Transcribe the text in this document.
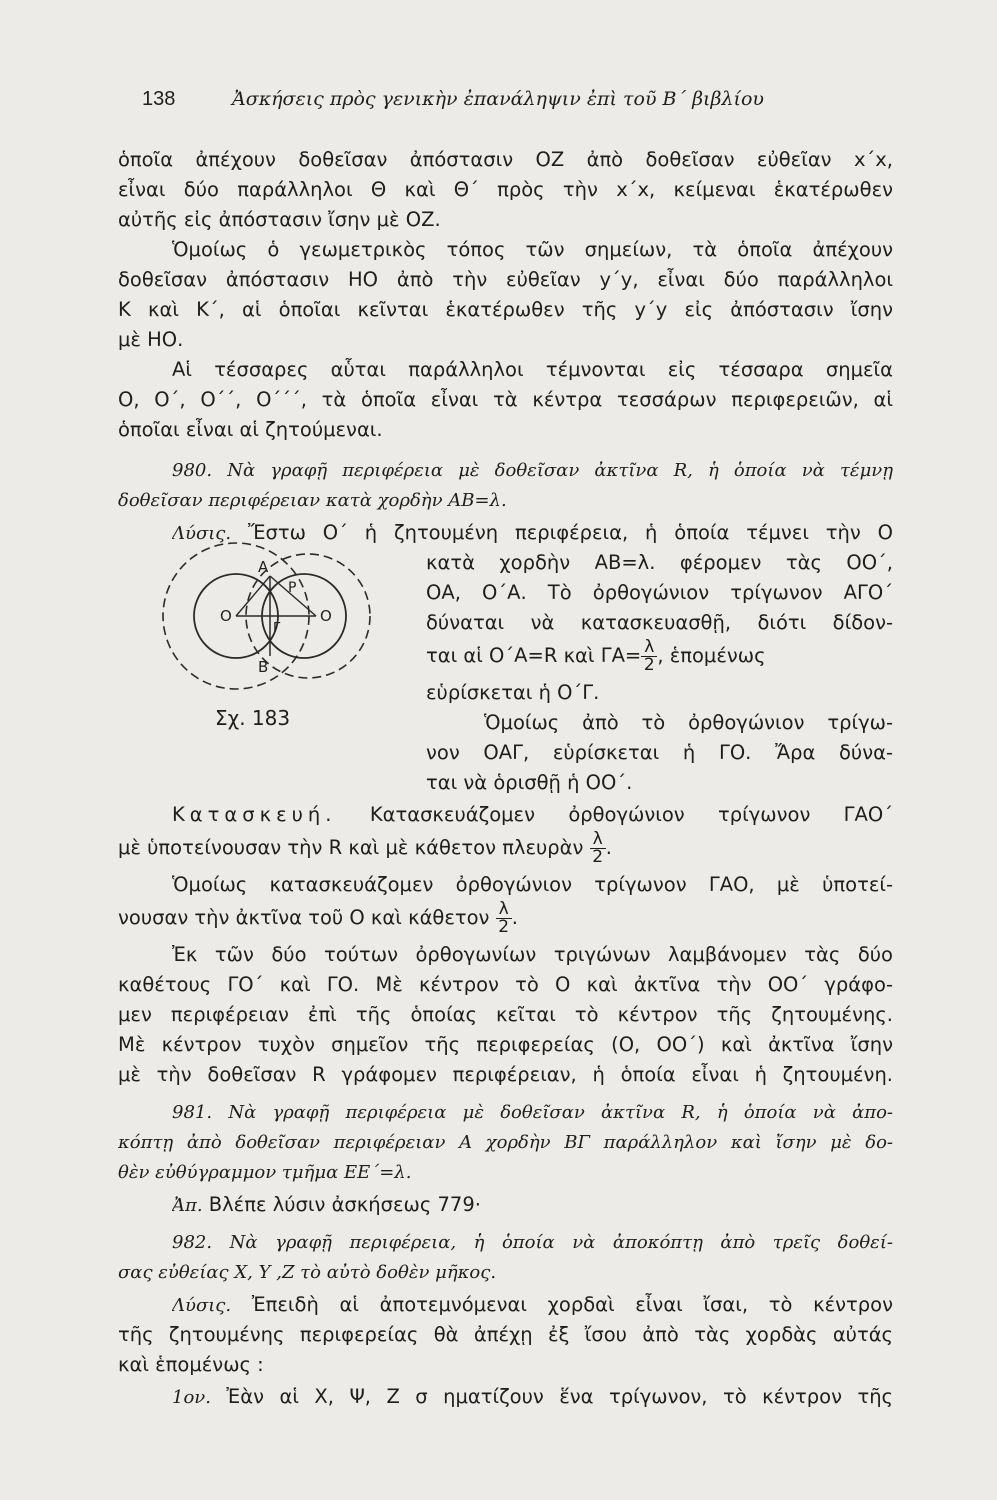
138	Ἀσκήσεις πρὸς γενικὴν ἐπανάληψιν ἐπὶ τοῦ Β΄ βιβλίου
ὁποῖα ἀπέχουν δοθεῖσαν ἀπόστασιν ΟΖ ἀπὸ δοθεῖσαν εὐθεῖαν x΄x,
εἶναι δύο παράλληλοι Θ καὶ Θ΄ πρὸς τὴν x΄x, κείμεναι ἑκατέρωθεν
αὐτῆς εἰς ἀπόστασιν ἴσην μὲ ΟΖ.
Ὁμοίως ὁ γεωμετρικὸς τόπος τῶν σημείων, τὰ ὁποῖα ἀπέχουν
δοθεῖσαν ἀπόστασιν ΗΟ ἀπὸ τὴν εὐθεῖαν y΄y, εἶναι δύο παράλληλοι
Κ καὶ Κ΄, αἱ ὁποῖαι κεῖνται ἑκατέρωθεν τῆς y΄y εἰς ἀπόστασιν ἴσην
μὲ ΗΟ.
Αἱ τέσσαρες αὗται παράλληλοι τέμνονται εἰς τέσσαρα σημεῖα
Ο, Ο΄, Ο΄΄, Ο΄΄΄, τὰ ὁποῖα εἶναι τὰ κέντρα τεσσάρων περιφερειῶν, αἱ
ὁποῖαι εἶναι αἱ ζητούμεναι.
980. Νὰ γραφῇ περιφέρεια μὲ δοθεῖσαν ἀκτῖνα R, ἡ ὁποία νὰ τέμνῃ
δοθεῖσαν περιφέρειαν κατὰ χορδὴν ΑΒ=λ.
Λύσις. Ἔστω Ο΄ ἡ ζητουμένη περιφέρεια, ἡ ὁποία τέμνει τὴν Ο
Α
Β
Ρ
Ο	Ο
Γ
κατὰ χορδὴν ΑΒ=λ. φέρομεν τὰς ΟΟ΄,
ΟΑ, Ο΄Α. Τὸ ὀρθογώνιον τρίγωνον ΑΓΟ΄
δύναται νὰ κατασκευασθῇ, διότι δίδον-
ται αἱ Ο΄Α=R καὶ $\Gamma A= \frac{\lambda}{2}$ , ἑπομένως
εὑρίσκεται ἡ Ο΄Γ.
Ὁμοίως ἀπὸ τὸ ὀρθογώνιον τρίγω-
νον ΟΑΓ, εὑρίσκεται ἡ ΓΟ. Ἄρα δύνα-
ται νὰ ὁρισθῇ ἡ ΟΟ΄.
Σχ. 183
Κατασκευή. Κατασκευάζομεν ὀρθογώνιον τρίγωνον ΓΑΟ΄
μὲ ὑποτείνουσαν τὴν R καὶ μὲ κάθετον πλευρὰν $\frac{\lambda}{2}$ .
Ὁμοίως κατασκευάζομεν ὀρθογώνιον τρίγωνον ΓΑΟ, μὲ ὑποτεί-
νουσαν τὴν ἀκτῖνα τοῦ Ο καὶ κάθετον $\frac{\lambda}{2}$ .
Ἐκ τῶν δύο τούτων ὀρθογωνίων τριγώνων λαμβάνομεν τὰς δύο
καθέτους ΓΟ΄ καὶ ΓΟ. Μὲ κέντρον τὸ Ο καὶ ἀκτῖνα τὴν ΟΟ΄ γράφο-
μεν περιφέρειαν ἐπὶ τῆς ὁποίας κεῖται τὸ κέντρον τῆς ζητουμένης.
Μὲ κέντρον τυχὸν σημεῖον τῆς περιφερείας (Ο, ΟΟ΄) καὶ ἀκτῖνα ἴσην
μὲ τὴν δοθεῖσαν R γράφομεν περιφέρειαν, ἡ ὁποία εἶναι ἡ ζητουμένη.
981. Νὰ γραφῇ περιφέρεια μὲ δοθεῖσαν ἀκτῖνα R, ἡ ὁποία νὰ ἀπο-
κόπτῃ ἀπὸ δοθεῖσαν περιφέρειαν Α χορδὴν ΒΓ παράλληλον καὶ ἴσην μὲ δο-
θὲν εὐθύγραμμον τμῆμα ΕΕ΄=λ.
Ἀπ. Βλέπε λύσιν ἀσκήσεως 779·
982. Νὰ γραφῇ περιφέρεια, ἡ ὁποία νὰ ἀποκόπτῃ ἀπὸ τρεῖς δοθεί-
σας εὐθείας Χ, Υ ,Ζ τὸ αὐτὸ δοθὲν μῆκος.
Λύσις. Ἐπειδὴ αἱ ἀποτεμνόμεναι χορδαὶ εἶναι ἴσαι, τὸ κέντρον
τῆς ζητουμένης περιφερείας θὰ ἀπέχῃ ἐξ ἴσου ἀπὸ τὰς χορδὰς αὐτάς
καὶ ἑπομένως :
1ον. Ἐὰν αἱ Χ, Ψ, Ζ σ ηματίζουν ἕνα τρίγωνον, τὸ κέντρον τῆς
